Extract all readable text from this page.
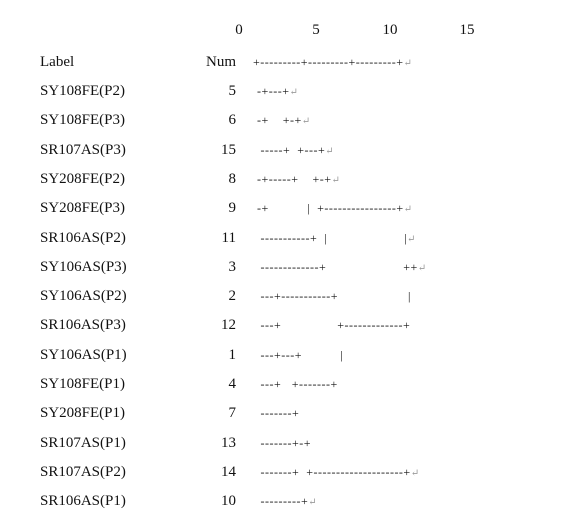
0	5	10	15
Label	Num +---------+---------+---------+↵
SY108FE(P2)	5 -+---+↵
SY108FE(P3)	6 -+    +-+↵
SR107AS(P3)	15 -----+  +---+↵
SY208FE(P2)	8 -+-----+    +-+↵
SY208FE(P3)	9 -+           |  +----------------+↵
SR106AS(P2)	11 -----------+  |                      |↵
SY106AS(P3)	3 -------------+                      ++↵
SY106AS(P2)	2 ---+-----------+                    |
SR106AS(P3)	12 ---+                +-------------+
SY106AS(P1)	1 ---+---+           |
SY108FE(P1)	4 ---+   +-------+
SY208FE(P1)	7 -------+
SR107AS(P1)	13 -------+-+
SR107AS(P2)	14 -------+  +--------------------+↵
SR106AS(P1)	10 ---------+↵
